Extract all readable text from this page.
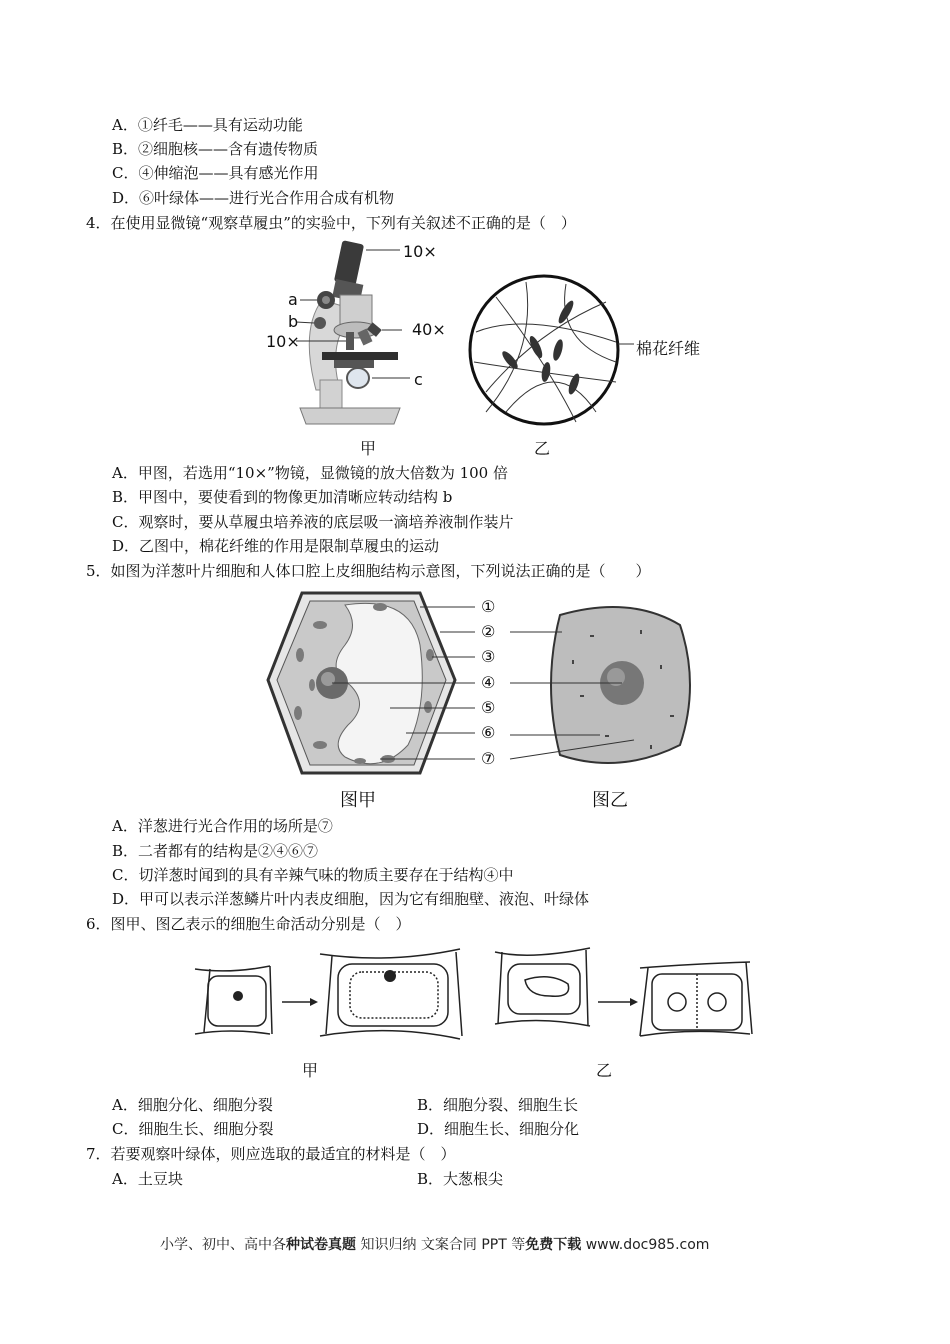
A．①纤毛——具有运动功能
B．②细胞核——含有遗传物质
C．④伸缩泡——具有感光作用
D．⑥叶绿体——进行光合作用合成有机物
4．在使用显微镜“观察草履虫”的实验中，下列有关叙述不正确的是（　）
10×
a
b
10×
40×
c
棉花纤维
甲	乙
A．甲图，若选用“10×”物镜，显微镜的放大倍数为 100 倍
B．甲图中，要使看到的物像更加清晰应转动结构 b
C．观察时，要从草履虫培养液的底层吸一滴培养液制作装片
D．乙图中，棉花纤维的作用是限制草履虫的运动
5．如图为洋葱叶片细胞和人体口腔上皮细胞结构示意图，下列说法正确的是（　　）
①
②
③
④
⑤
⑥
⑦
图甲	图乙
A．洋葱进行光合作用的场所是⑦
B．二者都有的结构是②④⑥⑦
C．切洋葱时闻到的具有辛辣气味的物质主要存在于结构④中
D．甲可以表示洋葱鳞片叶内表皮细胞，因为它有细胞壁、液泡、叶绿体
6．图甲、图乙表示的细胞生命活动分别是（　）
甲	乙
A．细胞分化、细胞分裂	B．细胞分裂、细胞生长
C．细胞生长、细胞分裂	D．细胞生长、细胞分化
7．若要观察叶绿体，则应选取的最适宜的材料是（　）
A．土豆块	B．大葱根尖
小学、初中、高中各种试卷真题 知识归纳 文案合同 PPT 等免费下载 www.doc985.com
